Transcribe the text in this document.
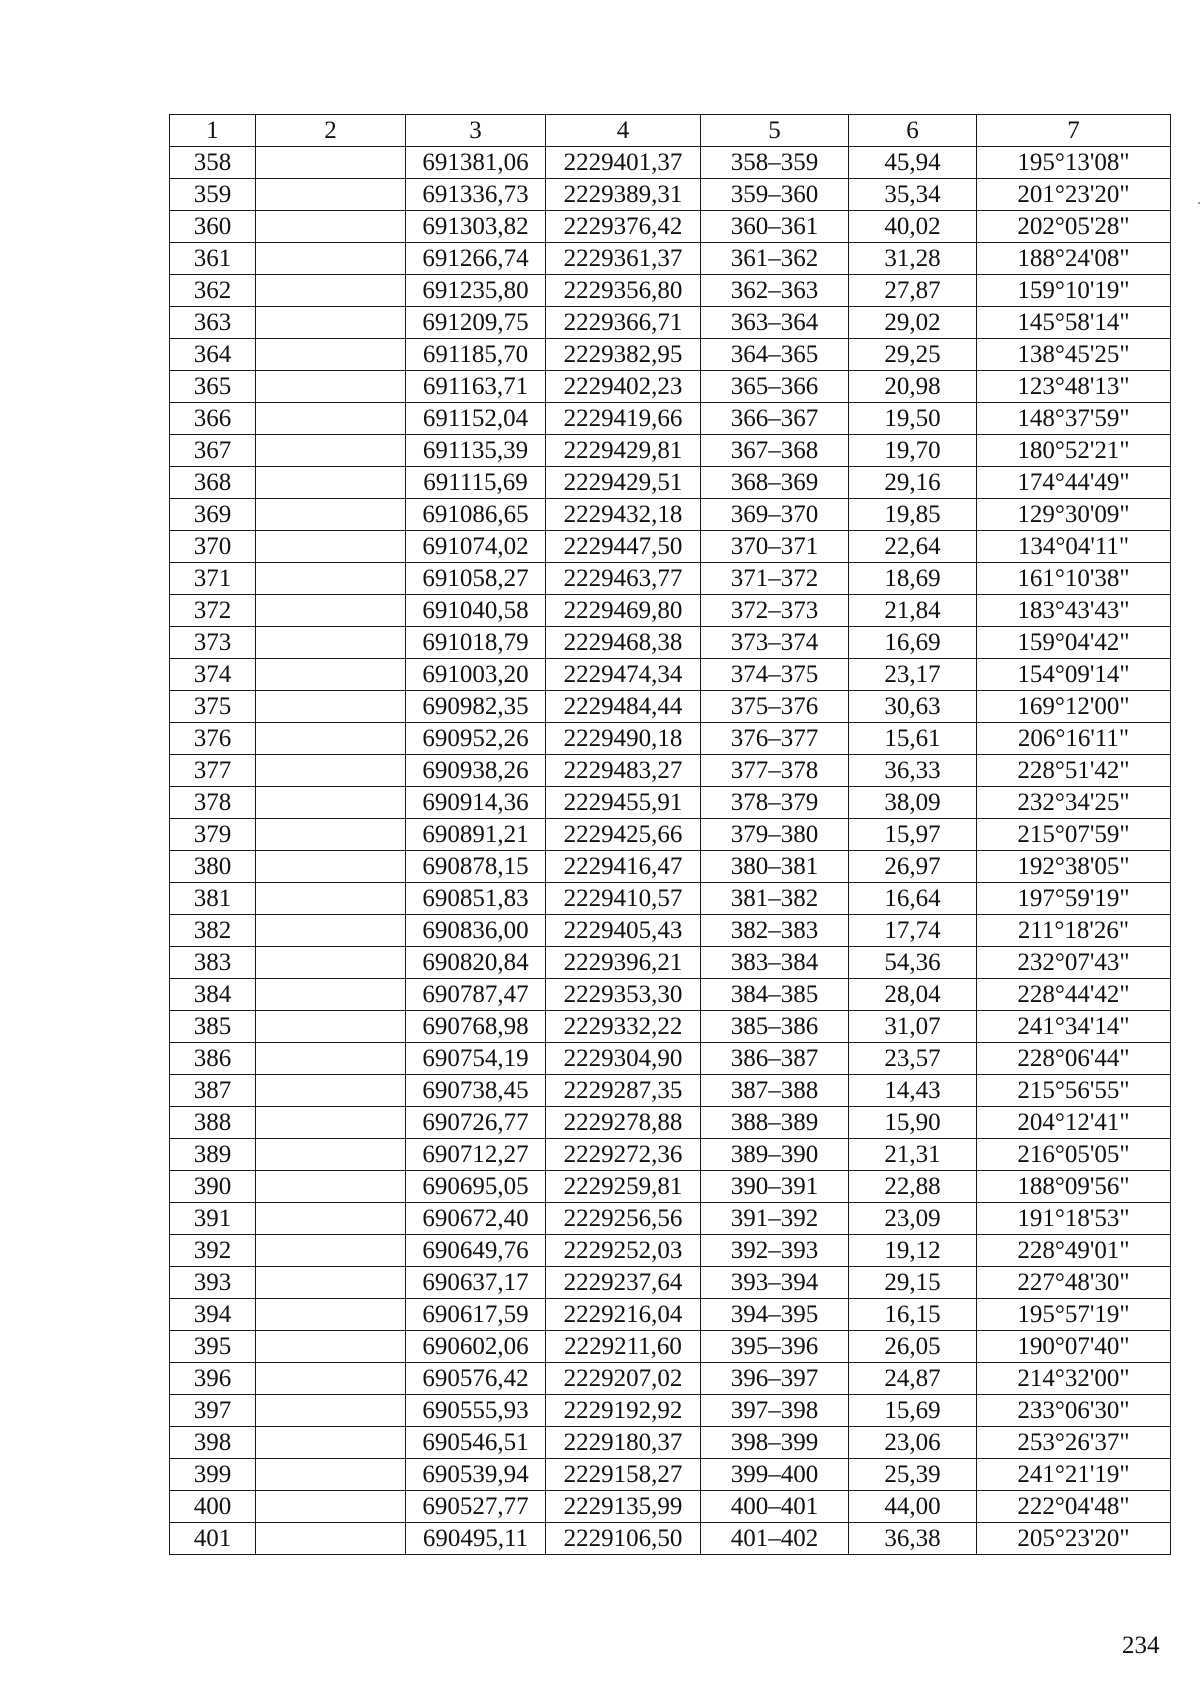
1	2	3	4	5	6	7
358		691381,06	2229401,37	358–359	45,94	195°13'08"
359		691336,73	2229389,31	359–360	35,34	201°23'20"
360		691303,82	2229376,42	360–361	40,02	202°05'28"
361		691266,74	2229361,37	361–362	31,28	188°24'08"
362		691235,80	2229356,80	362–363	27,87	159°10'19"
363		691209,75	2229366,71	363–364	29,02	145°58'14"
364		691185,70	2229382,95	364–365	29,25	138°45'25"
365		691163,71	2229402,23	365–366	20,98	123°48'13"
366		691152,04	2229419,66	366–367	19,50	148°37'59"
367		691135,39	2229429,81	367–368	19,70	180°52'21"
368		691115,69	2229429,51	368–369	29,16	174°44'49"
369		691086,65	2229432,18	369–370	19,85	129°30'09"
370		691074,02	2229447,50	370–371	22,64	134°04'11"
371		691058,27	2229463,77	371–372	18,69	161°10'38"
372		691040,58	2229469,80	372–373	21,84	183°43'43"
373		691018,79	2229468,38	373–374	16,69	159°04'42"
374		691003,20	2229474,34	374–375	23,17	154°09'14"
375		690982,35	2229484,44	375–376	30,63	169°12'00"
376		690952,26	2229490,18	376–377	15,61	206°16'11"
377		690938,26	2229483,27	377–378	36,33	228°51'42"
378		690914,36	2229455,91	378–379	38,09	232°34'25"
379		690891,21	2229425,66	379–380	15,97	215°07'59"
380		690878,15	2229416,47	380–381	26,97	192°38'05"
381		690851,83	2229410,57	381–382	16,64	197°59'19"
382		690836,00	2229405,43	382–383	17,74	211°18'26"
383		690820,84	2229396,21	383–384	54,36	232°07'43"
384		690787,47	2229353,30	384–385	28,04	228°44'42"
385		690768,98	2229332,22	385–386	31,07	241°34'14"
386		690754,19	2229304,90	386–387	23,57	228°06'44"
387		690738,45	2229287,35	387–388	14,43	215°56'55"
388		690726,77	2229278,88	388–389	15,90	204°12'41"
389		690712,27	2229272,36	389–390	21,31	216°05'05"
390		690695,05	2229259,81	390–391	22,88	188°09'56"
391		690672,40	2229256,56	391–392	23,09	191°18'53"
392		690649,76	2229252,03	392–393	19,12	228°49'01"
393		690637,17	2229237,64	393–394	29,15	227°48'30"
394		690617,59	2229216,04	394–395	16,15	195°57'19"
395		690602,06	2229211,60	395–396	26,05	190°07'40"
396		690576,42	2229207,02	396–397	24,87	214°32'00"
397		690555,93	2229192,92	397–398	15,69	233°06'30"
398		690546,51	2229180,37	398–399	23,06	253°26'37"
399		690539,94	2229158,27	399–400	25,39	241°21'19"
400		690527,77	2229135,99	400–401	44,00	222°04'48"
401		690495,11	2229106,50	401–402	36,38	205°23'20"
234
